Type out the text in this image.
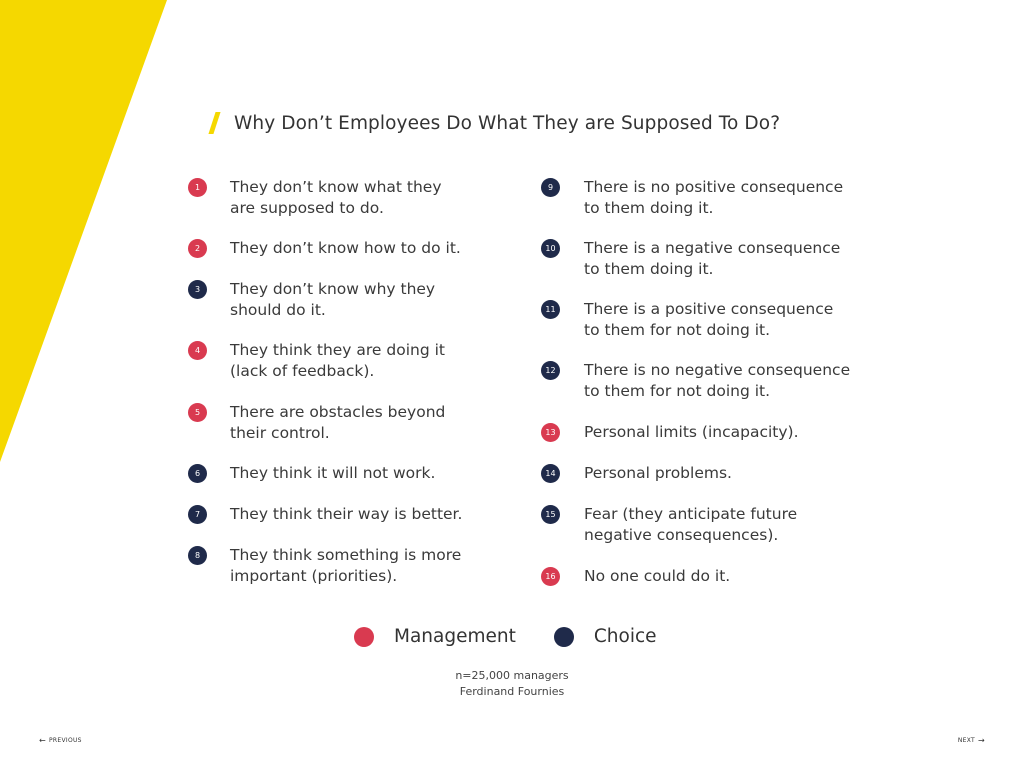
Why Don’t Employees Do What They are Supposed To Do?
1	They don’t know what they
are supposed to do.
2	They don’t know how to do it.
3	They don’t know why they
should do it.
4	They think they are doing it
(lack of feedback).
5	There are obstacles beyond
their control.
6	They think it will not work.
7	They think their way is better.
8	They think something is more
important (priorities).
9	There is no positive consequence
to them doing it.
10 There is a negative consequence
to them doing it.
11 There is a positive consequence
to them for not doing it.
12 There is no negative consequence
to them for not doing it.
13 Personal limits (incapacity).
14 Personal problems.
15 Fear (they anticipate future
negative consequences).
16 No one could do it.
Management	Choice
n=25,000 managers
Ferdinand Fournies
← PREVIOUS	NEXT →
